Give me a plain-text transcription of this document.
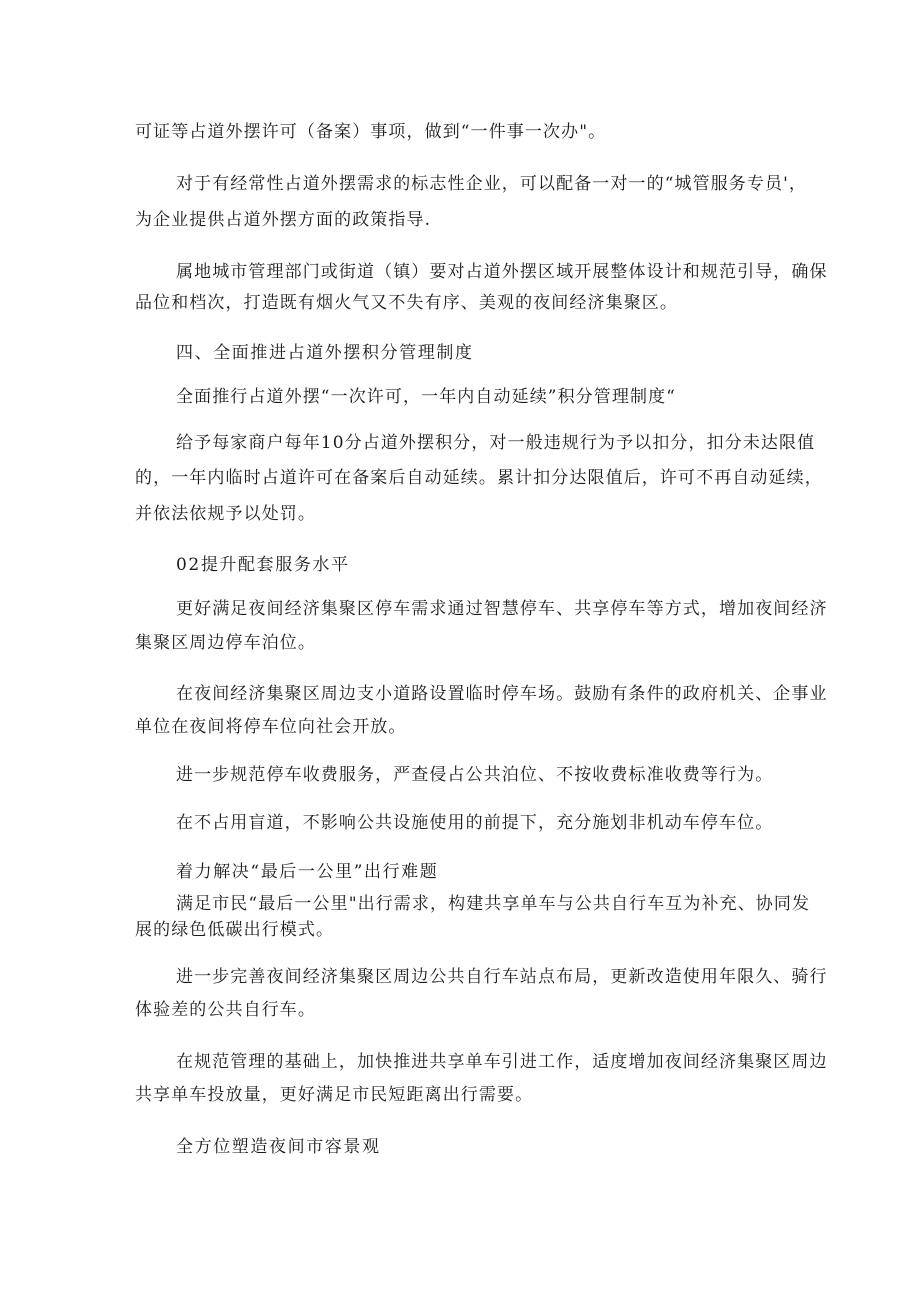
可证等占道外摆许可（备案）事项，做到“一件事一次办"。
对于有经常性占道外摆需求的标志性企业，可以配备一对一的“城管服务专员'，
为企业提供占道外摆方面的政策指导.
属地城市管理部门或街道（镇）要对占道外摆区域开展整体设计和规范引导，确保
品位和档次，打造既有烟火气又不失有序、美观的夜间经济集聚区。
四、全面推进占道外摆积分管理制度
全面推行占道外摆“一次许可，一年内自动延续”积分管理制度“
给予每家商户每年10分占道外摆积分，对一般违规行为予以扣分，扣分未达限值
的，一年内临时占道许可在备案后自动延续。累计扣分达限值后，许可不再自动延续，
并依法依规予以处罚。
02提升配套服务水平
更好满足夜间经济集聚区停车需求通过智慧停车、共享停车等方式，增加夜间经济
集聚区周边停车泊位。
在夜间经济集聚区周边支小道路设置临时停车场。鼓励有条件的政府机关、企事业
单位在夜间将停车位向社会开放。
进一步规范停车收费服务，严查侵占公共泊位、不按收费标准收费等行为。
在不占用盲道，不影响公共设施使用的前提下，充分施划非机动车停车位。
着力解决“最后一公里”出行难题
满足市民“最后一公里"出行需求，构建共享单车与公共自行车互为补充、协同发
展的绿色低碳出行模式。
进一步完善夜间经济集聚区周边公共自行车站点布局，更新改造使用年限久、骑行
体验差的公共自行车。
在规范管理的基础上，加快推进共享单车引进工作，适度增加夜间经济集聚区周边
共享单车投放量，更好满足市民短距离出行需要。
全方位塑造夜间市容景观
